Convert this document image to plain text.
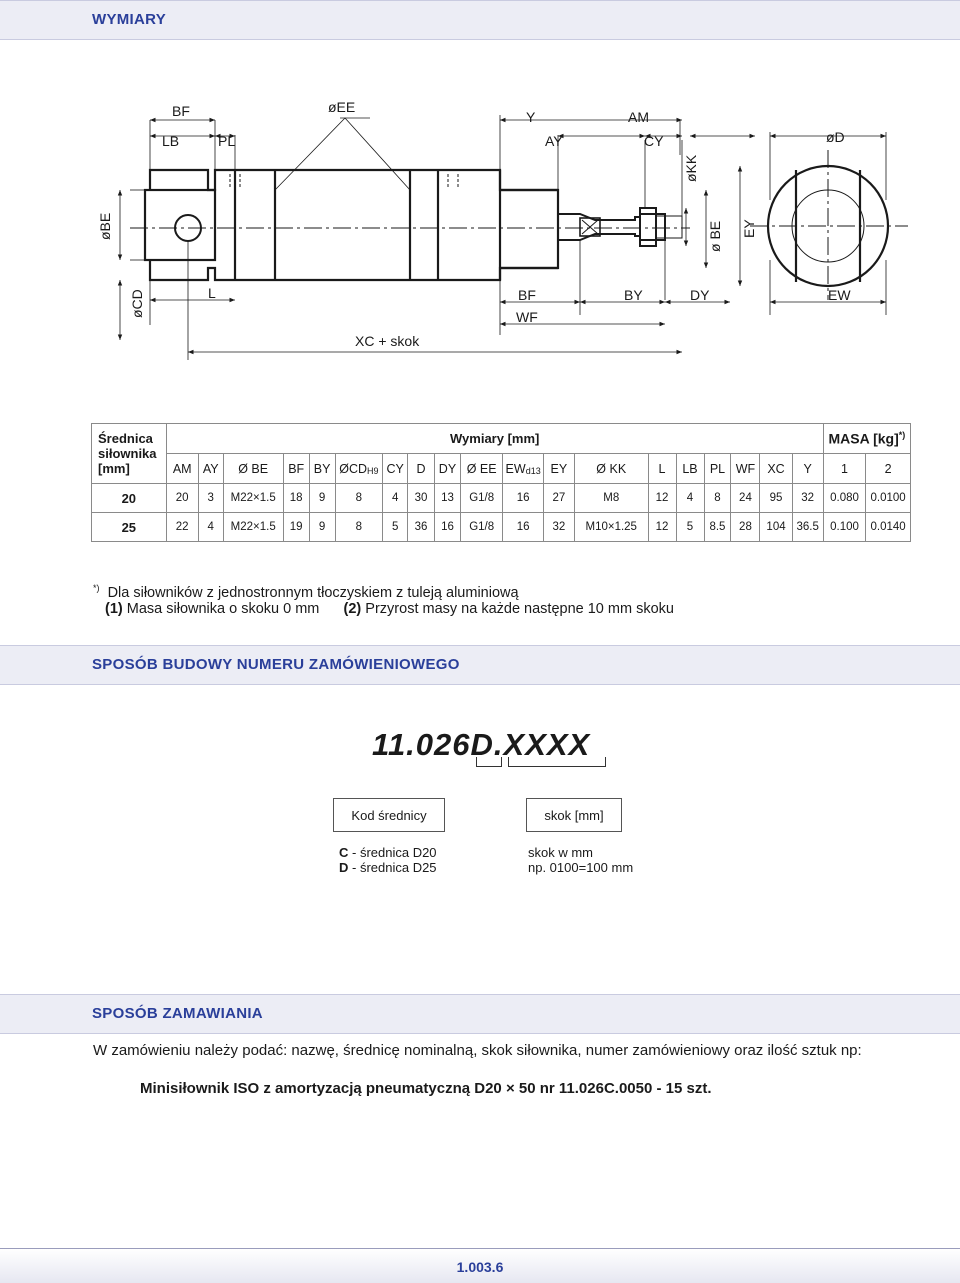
WYMIARY
BF	øEE
Y	AM
LB	PL	AY	CY	øD
øBE
øKK
ø BE EY
øCD	L	BF	BY	DY	EW
WF
XC + skok
Średnica
siłownika
[mm]	Wymiary [mm]																			MASA [kg]*)
	AM	AY	Ø BE	BF	BY	$ØCD_{H9}$	CY	D	DY	Ø EE	$EW_{d13}$	EY	Ø KK	L	LB	PL	WF	XC	Y	1	2
20	20	3	M22×1.5	18	9	8	4	30	13	G1/8	16	27	M8	12	4	8	24	95	32	0.080	0.0100
25	22	4	M22×1.5	19	9	8	5	36	16	G1/8	16	32	M10×1.25	12	5	8.5	28	104	36.5	0.100	0.0140
*) Dla siłowników z jednostronnym tłoczyskiem z tuleją aluminiową
(1) Masa siłownika o skoku 0 mm (2) Przyrost masy na każde następne 10 mm skoku
SPOSÓB BUDOWY NUMERU ZAMÓWIENIOWEGO
11.026D.XXXX
Kod średnicy	skok [mm]
C - średnica D20
D - średnica D25
skok w mm
np. 0100=100 mm
SPOSÓB ZAMAWIANIA
W zamówieniu należy podać: nazwę, średnicę nominalną, skok siłownika, numer zamówieniowy oraz ilość sztuk np:
Minisiłownik ISO z amortyzacją pneumatyczną D20 × 50 nr 11.026C.0050 - 15 szt.
1.003.6
